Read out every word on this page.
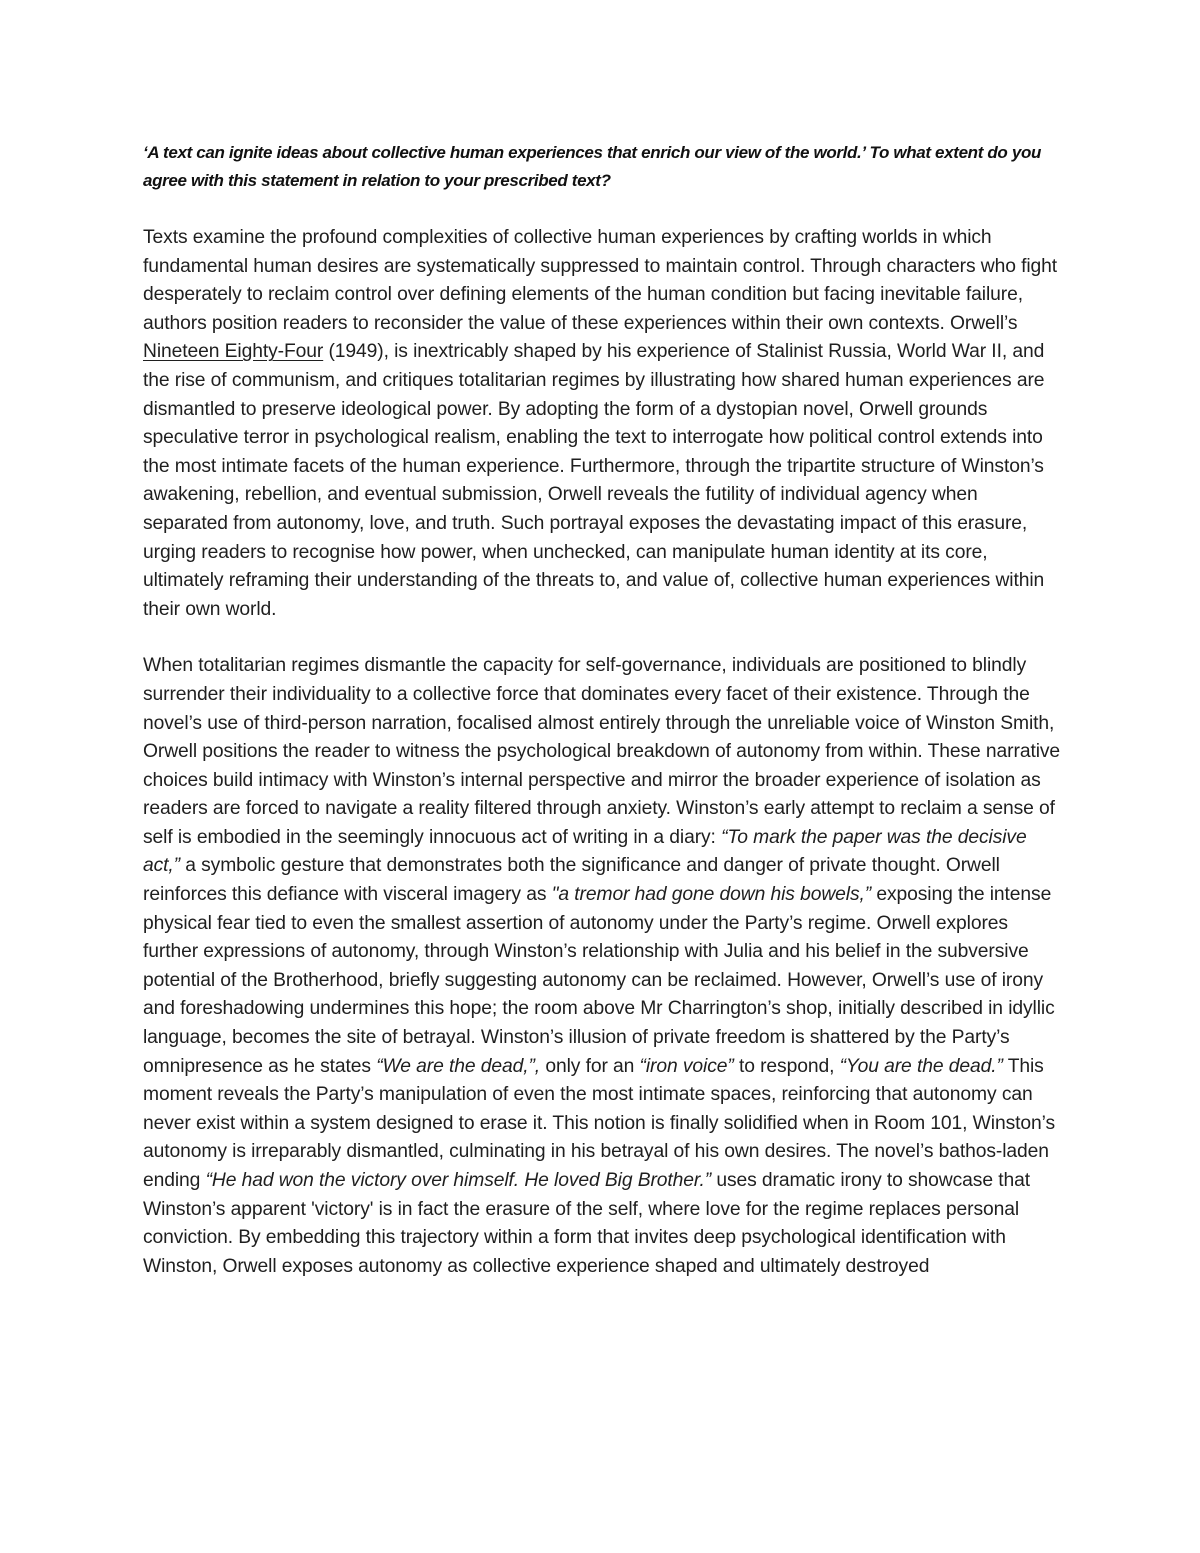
‘A text can ignite ideas about collective human experiences that enrich our view of the world.’ To what extent do you agree with this statement in relation to your prescribed text?

Texts examine the profound complexities of collective human experiences by crafting worlds in which fundamental human desires are systematically suppressed to maintain control. Through characters who fight desperately to reclaim control over defining elements of the human condition but facing inevitable failure, authors position readers to reconsider the value of these experiences within their own contexts. Orwell’s Nineteen Eighty-Four (1949), is inextricably shaped by his experience of Stalinist Russia, World War II, and the rise of communism, and critiques totalitarian regimes by illustrating how shared human experiences are dismantled to preserve ideological power. By adopting the form of a dystopian novel, Orwell grounds speculative terror in psychological realism, enabling the text to interrogate how political control extends into the most intimate facets of the human experience. Furthermore, through the tripartite structure of Winston’s awakening, rebellion, and eventual submission, Orwell reveals the futility of individual agency when separated from autonomy, love, and truth. Such portrayal exposes the devastating impact of this erasure, urging readers to recognise how power, when unchecked, can manipulate human identity at its core, ultimately reframing their understanding of the threats to, and value of, collective human experiences within their own world.

When totalitarian regimes dismantle the capacity for self-governance, individuals are positioned to blindly surrender their individuality to a collective force that dominates every facet of their existence. Through the novel’s use of third-person narration, focalised almost entirely through the unreliable voice of Winston Smith, Orwell positions the reader to witness the psychological breakdown of autonomy from within. These narrative choices build intimacy with Winston’s internal perspective and mirror the broader experience of isolation as readers are forced to navigate a reality filtered through anxiety. Winston’s early attempt to reclaim a sense of self is embodied in the seemingly innocuous act of writing in a diary: “To mark the paper was the decisive act,” a symbolic gesture that demonstrates both the significance and danger of private thought. Orwell reinforces this defiance with visceral imagery as "a tremor had gone down his bowels,” exposing the intense physical fear tied to even the smallest assertion of autonomy under the Party’s regime. Orwell explores further expressions of autonomy, through Winston’s relationship with Julia and his belief in the subversive potential of the Brotherhood, briefly suggesting autonomy can be reclaimed. However, Orwell’s use of irony and foreshadowing undermines this hope; the room above Mr Charrington’s shop, initially described in idyllic language, becomes the site of betrayal. Winston’s illusion of private freedom is shattered by the Party’s omnipresence as he states “We are the dead,”, only for an “iron voice” to respond, “You are the dead.” This moment reveals the Party’s manipulation of even the most intimate spaces, reinforcing that autonomy can never exist within a system designed to erase it. This notion is finally solidified when in Room 101, Winston’s autonomy is irreparably dismantled, culminating in his betrayal of his own desires. The novel’s bathos-laden ending “He had won the victory over himself. He loved Big Brother.” uses dramatic irony to showcase that Winston’s apparent 'victory' is in fact the erasure of the self, where love for the regime replaces personal conviction. By embedding this trajectory within a form that invites deep psychological identification with Winston, Orwell exposes autonomy as collective experience shaped and ultimately destroyed
